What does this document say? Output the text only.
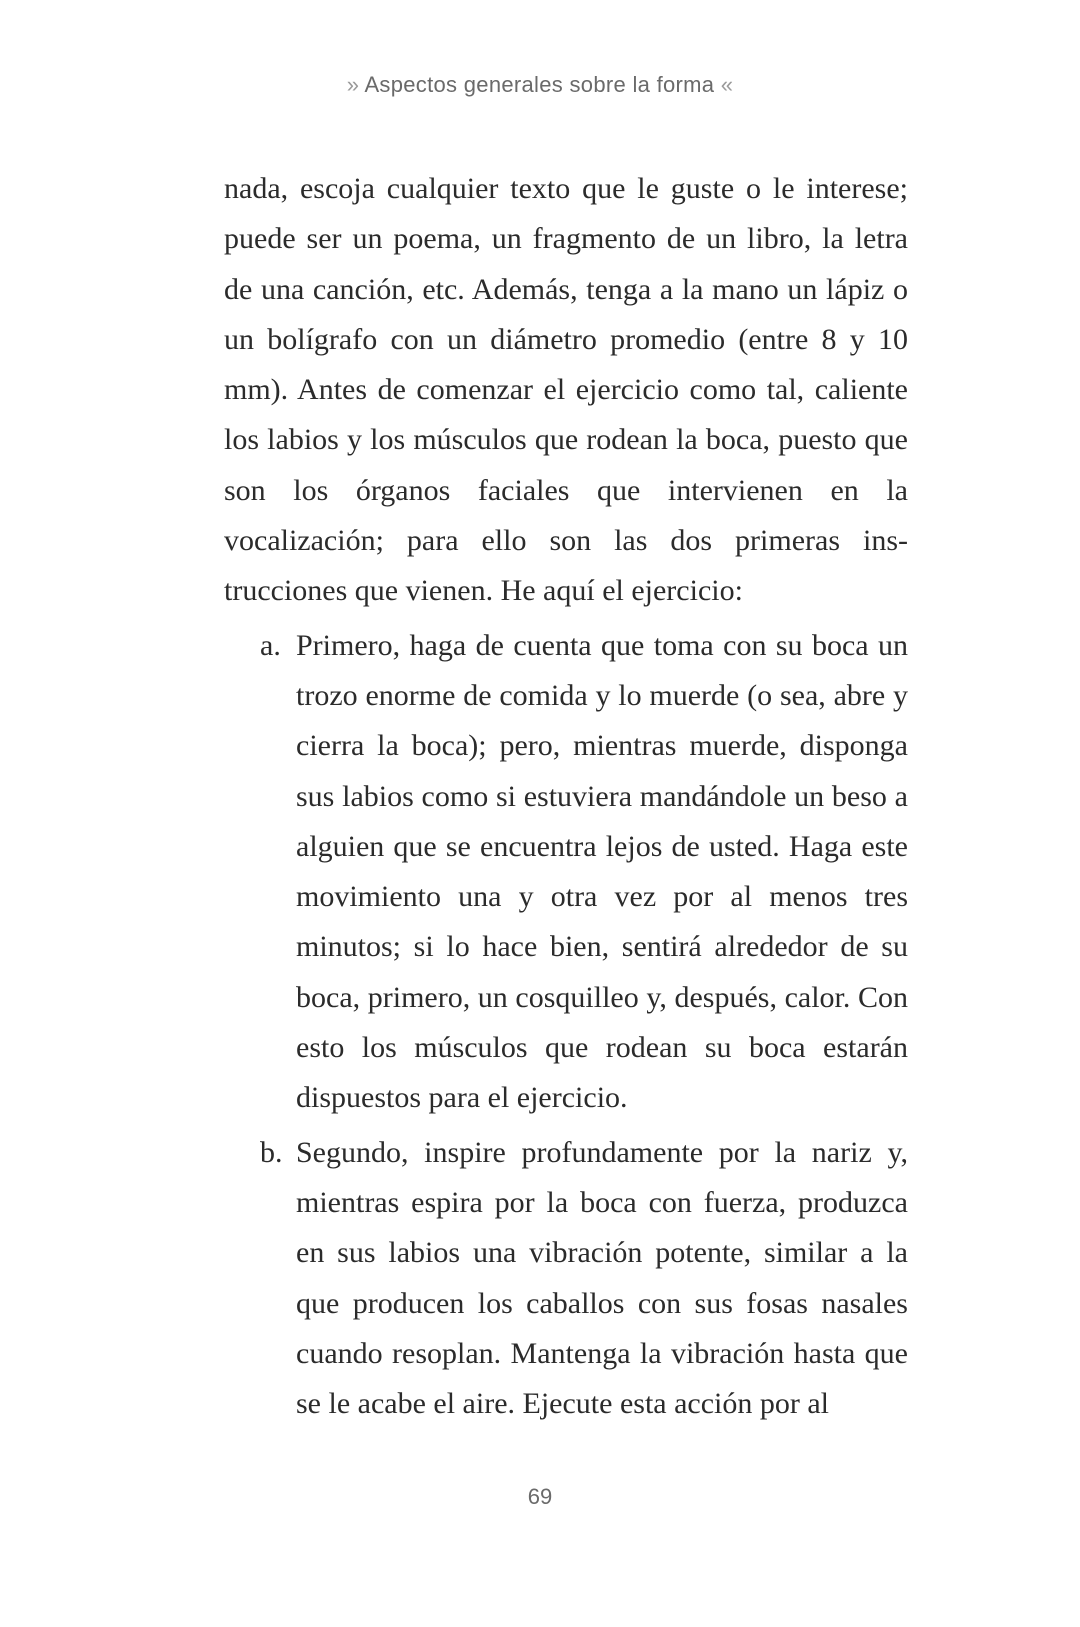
» Aspectos generales sobre la forma «

nada, escoja cualquier texto que le guste o le interese; puede ser un poema, un fragmento de un libro, la letra de una canción, etc. Además, tenga a la mano un lápiz o un bolígrafo con un diámetro promedio (entre 8 y 10 mm). Antes de comenzar el ejercicio como tal, caliente los labios y los músculos que rodean la boca, puesto que son los órganos faciales que intervienen en la vocalización; para ello son las dos primeras instrucciones que vienen. He aquí el ejercicio:

a. Primero, haga de cuenta que toma con su boca un trozo enorme de comida y lo muerde (o sea, abre y cierra la boca); pero, mientras muerde, disponga sus labios como si estuviera mandándole un beso a alguien que se encuentra lejos de usted. Haga este movimiento una y otra vez por al menos tres minutos; si lo hace bien, sentirá alrededor de su boca, primero, un cosquilleo y, después, calor. Con esto los músculos que rodean su boca estarán dispuestos para el ejercicio.
b. Segundo, inspire profundamente por la nariz y, mientras espira por la boca con fuerza, produzca en sus labios una vibración potente, similar a la que producen los caballos con sus fosas nasales cuando resoplan. Mantenga la vibración hasta que se le acabe el aire. Ejecute esta acción por al
69
